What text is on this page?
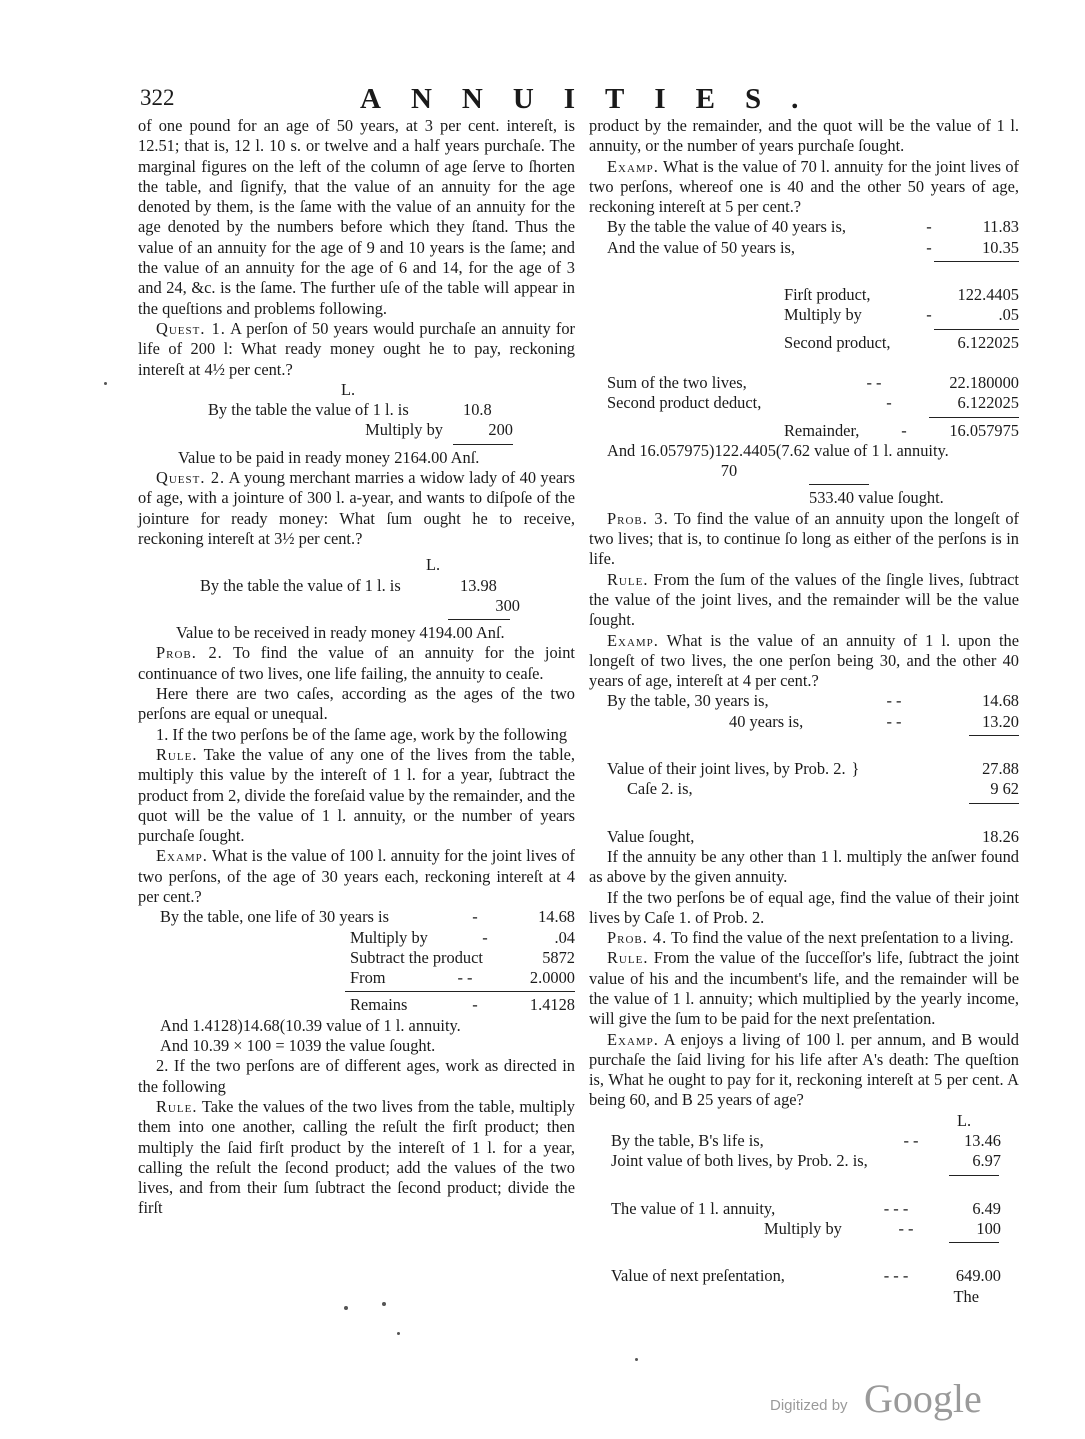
322	ANNUITIES.

of one pound for an age of 50 years, at 3 per cent. intereſt, is 12.51; that is, 12 l. 10 s. or twelve and a half years purchaſe. The marginal figures on the left of the column of age ſerve to ſhorten the table, and ſignify, that the value of an annuity for the age denoted by them, is the ſame with the value of an annuity for the age denoted by the numbers before which they ſtand. Thus the value of an annuity for the age of 9 and 10 years is the ſame; and the value of an annuity for the age of 6 and 14, for the age of 3 and 24, &c. is the ſame. The further uſe of the table will appear in the queſtions and problems following.

Quest. 1. A perſon of 50 years would purchaſe an annuity for life of 200 l: What ready money ought he to pay, reckoning intereſt at 4½ per cent.?

L.
By the table the value of 1 l. is	10.8
Multiply by	200

Value to be paid in ready money 2164.00 Anſ.

Quest. 2. A young merchant marries a widow lady of 40 years of age, with a jointure of 300 l. a-year, and wants to diſpoſe of the jointure for ready money: What ſum ought he to receive, reckoning intereſt at 3½ per cent.?

L.
By the table the value of 1 l. is	13.98
300

Value to be received in ready money 4194.00 Anſ.

Prob. 2. To find the value of an annuity for the joint continuance of two lives, one life failing, the annuity to ceaſe.

Here there are two caſes, according as the ages of the two perſons are equal or unequal.

1. If the two perſons be of the ſame age, work by the following

Rule. Take the value of any one of the lives from the table, multiply this value by the intereſt of 1 l. for a year, ſubtract the product from 2, divide the foreſaid value by the remainder, and the quot will be the value of 1 l. annuity, or the number of years purchaſe ſought.

Examp. What is the value of 100 l. annuity for the joint lives of two perſons, of the age of 30 years each, reckoning intereſt at 4 per cent.?

By the table, one life of 30 years is	-	14.68
Multiply by	-	.04
Subtract the product	5872
From	- -	2.0000
Remains	-	1.4128

And 1.4128)14.68(10.39 value of 1 l. annuity.

And 10.39 × 100 = 1039 the value ſought.

2. If the two perſons are of different ages, work as directed in the following

Rule. Take the values of the two lives from the table, multiply them into one another, calling the reſult the firſt product; then multiply the ſaid firſt product by the intereſt of 1 l. for a year, calling the reſult the ſecond product; add the values of the two lives, and from their ſum ſubtract the ſecond product; divide the firſt

product by the remainder, and the quot will be the value of 1 l. annuity, or the number of years purchaſe ſought.

Examp. What is the value of 70 l. annuity for the joint lives of two perſons, whereof one is 40 and the other 50 years of age, reckoning intereſt at 5 per cent.?

By the table the value of 40 years is,	-	11.83
And the value of 50 years is,	-	10.35
Firſt product,	122.4405
Multiply by	-	.05
Second product,	6.122025
Sum of the two lives,	- -	22.180000
Second product deduct,	-	6.122025
Remainder,	-	16.057975

And 16.057975)122.4405(7.62 value of 1 l. annuity.

70

533.40 value ſought.

Prob. 3. To find the value of an annuity upon the longeſt of two lives; that is, to continue ſo long as either of the perſons is in life.

Rule. From the ſum of the values of the ſingle lives, ſubtract the value of the joint lives, and the remainder will be the value ſought.

Examp. What is the value of an annuity of 1 l. upon the longeſt of two lives, the one perſon being 30, and the other 40 years of age, intereſt at 4 per cent.?

By the table, 30 years is,	- -	14.68
40 years is,	- -	13.20
Value of their joint lives, by Prob. 2. }	27.88
Caſe 2. is,	9 62
Value ſought,	18.26

If the annuity be any other than 1 l. multiply the anſwer found as above by the given annuity.

If the two perſons be of equal age, find the value of their joint lives by Caſe 1. of Prob. 2.

Prob. 4. To find the value of the next preſentation to a living.

Rule. From the value of the ſucceſſor's life, ſubtract the joint value of his and the incumbent's life, and the remainder will be the value of 1 l. annuity; which multiplied by the yearly income, will give the ſum to be paid for the next preſentation.

Examp. A enjoys a living of 100 l. per annum, and B would purchaſe the ſaid living for his life after A's death: The queſtion is, What he ought to pay for it, reckoning intereſt at 5 per cent. A being 60, and B 25 years of age?

L.
By the table, B's life is,	- -	13.46
Joint value of both lives, by Prob. 2. is,	6.97
The value of 1 l. annuity,	- - -	6.49
Multiply by	- -	100
Value of next preſentation,	- - -	649.00
The
Digitized by Google
